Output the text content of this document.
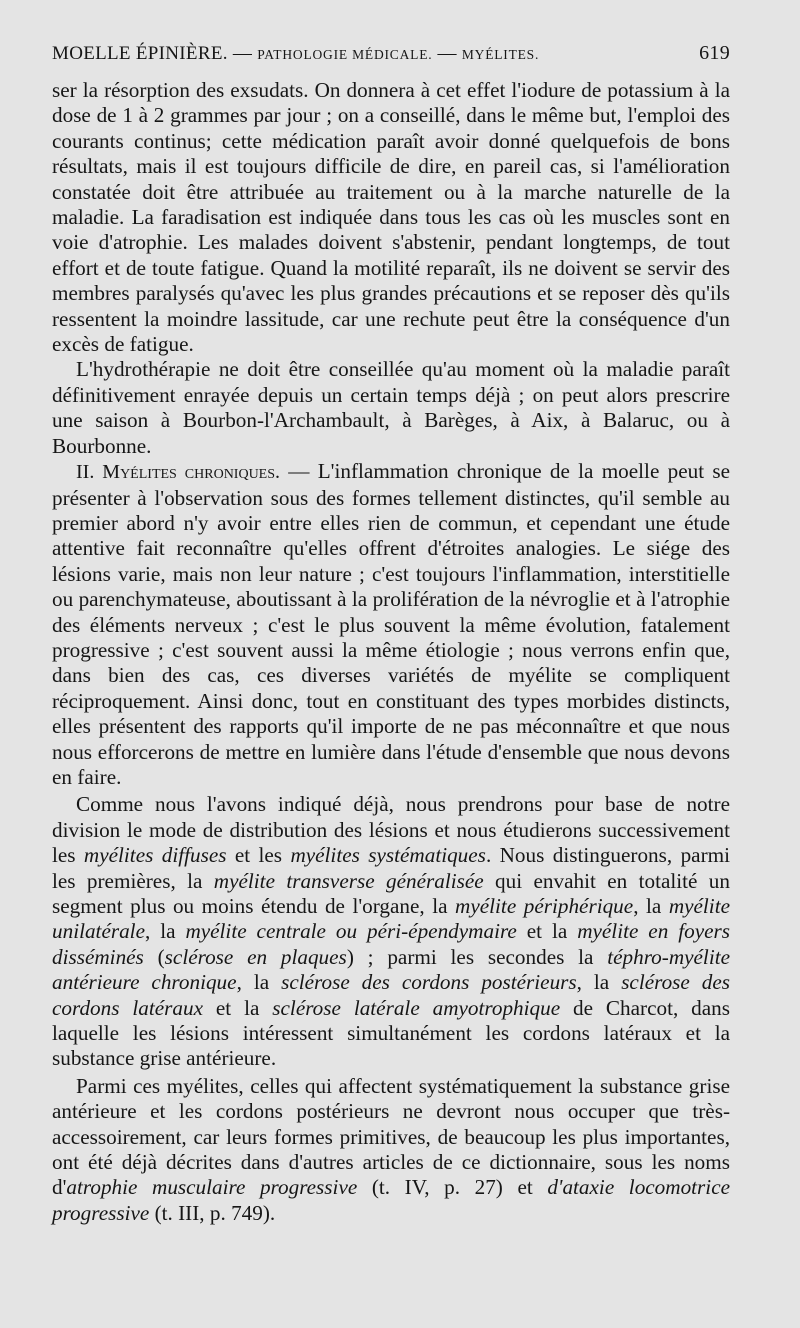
MOELLE ÉPINIÈRE. — PATHOLOGIE MÉDICALE. — MYÉLITES.	619

ser la résorption des exsudats. On donnera à cet effet l'iodure de potassium à la dose de 1 à 2 grammes par jour ; on a conseillé, dans le même but, l'emploi des courants continus; cette médication paraît avoir donné quelquefois de bons résultats, mais il est toujours difficile de dire, en pareil cas, si l'amélioration constatée doit être attribuée au traitement ou à la marche naturelle de la maladie. La faradisation est indiquée dans tous les cas où les muscles sont en voie d'atrophie. Les malades doivent s'abstenir, pendant longtemps, de tout effort et de toute fatigue. Quand la motilité reparaît, ils ne doivent se servir des membres paralysés qu'avec les plus grandes précautions et se reposer dès qu'ils ressentent la moindre lassitude, car une rechute peut être la conséquence d'un excès de fatigue.

L'hydrothérapie ne doit être conseillée qu'au moment où la maladie paraît définitivement enrayée depuis un certain temps déjà ; on peut alors prescrire une saison à Bourbon-l'Archambault, à Barèges, à Aix, à Balaruc, ou à Bourbonne.

II. Myélites chroniques. — L'inflammation chronique de la moelle peut se présenter à l'observation sous des formes tellement distinctes, qu'il semble au premier abord n'y avoir entre elles rien de commun, et cependant une étude attentive fait reconnaître qu'elles offrent d'étroites analogies. Le siége des lésions varie, mais non leur nature ; c'est toujours l'inflammation, interstitielle ou parenchymateuse, aboutissant à la prolifération de la névroglie et à l'atrophie des éléments nerveux ; c'est le plus souvent la même évolution, fatalement progressive ; c'est souvent aussi la même étiologie ; nous verrons enfin que, dans bien des cas, ces diverses variétés de myélite se compliquent réciproquement. Ainsi donc, tout en constituant des types morbides distincts, elles présentent des rapports qu'il importe de ne pas méconnaître et que nous nous efforcerons de mettre en lumière dans l'étude d'ensemble que nous devons en faire.

Comme nous l'avons indiqué déjà, nous prendrons pour base de notre division le mode de distribution des lésions et nous étudierons successivement les myélites diffuses et les myélites systématiques. Nous distinguerons, parmi les premières, la myélite transverse généralisée qui envahit en totalité un segment plus ou moins étendu de l'organe, la myélite périphérique, la myélite unilatérale, la myélite centrale ou péri-épendymaire et la myélite en foyers disséminés (sclérose en plaques) ; parmi les secondes la téphro-myélite antérieure chronique, la sclérose des cordons postérieurs, la sclérose des cordons latéraux et la sclérose latérale amyotrophique de Charcot, dans laquelle les lésions intéressent simultanément les cordons latéraux et la substance grise antérieure.

Parmi ces myélites, celles qui affectent systématiquement la substance grise antérieure et les cordons postérieurs ne devront nous occuper que très-accessoirement, car leurs formes primitives, de beaucoup les plus importantes, ont été déjà décrites dans d'autres articles de ce dictionnaire, sous les noms d'atrophie musculaire progressive (t. IV, p. 27) et d'ataxie locomotrice progressive (t. III, p. 749).
